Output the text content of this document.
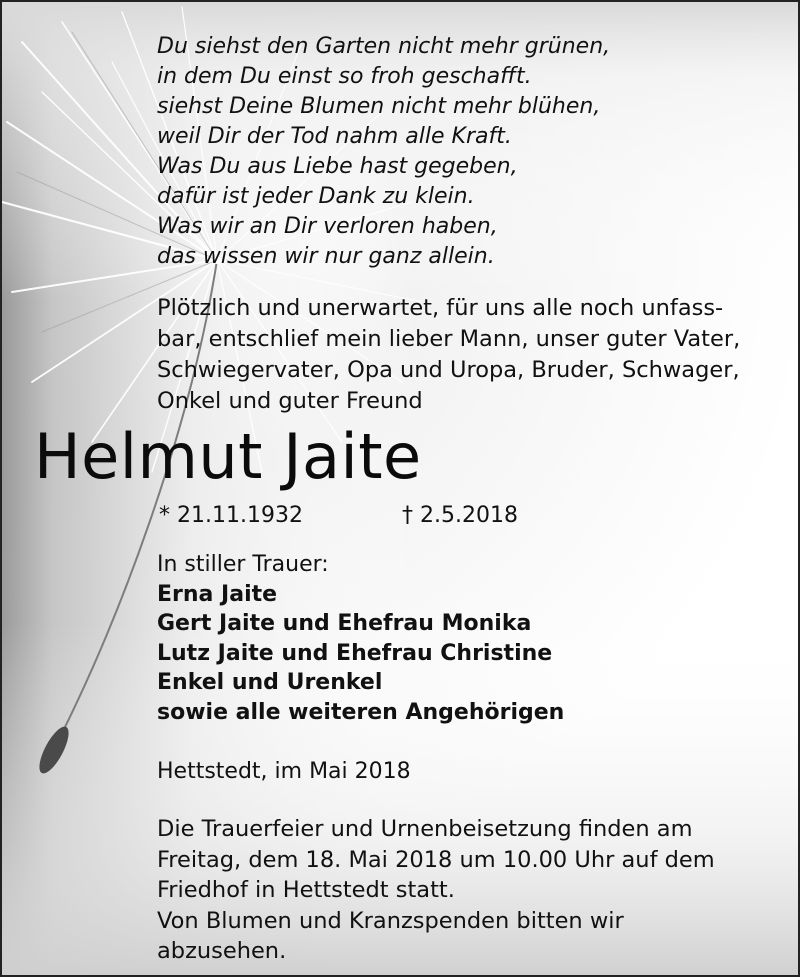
Du siehst den Garten nicht mehr grünen,
in dem Du einst so froh geschafft.
siehst Deine Blumen nicht mehr blühen,
weil Dir der Tod nahm alle Kraft.
Was Du aus Liebe hast gegeben,
dafür ist jeder Dank zu klein.
Was wir an Dir verloren haben,
das wissen wir nur ganz allein.
Plötzlich und unerwartet, für uns alle noch unfass-
bar, entschlief mein lieber Mann, unser guter Vater,
Schwiegervater, Opa und Uropa, Bruder, Schwager,
Onkel und guter Freund
Helmut Jaite
* 21.11.1932	† 2.5.2018
In stiller Trauer:
Erna Jaite
Gert Jaite und Ehefrau Monika
Lutz Jaite und Ehefrau Christine
Enkel und Urenkel
sowie alle weiteren Angehörigen
Hettstedt, im Mai 2018
Die Trauerfeier und Urnenbeisetzung finden am
Freitag, dem 18. Mai 2018 um 10.00 Uhr auf dem
Friedhof in Hettstedt statt.
Von Blumen und Kranzspenden bitten wir
abzusehen.
